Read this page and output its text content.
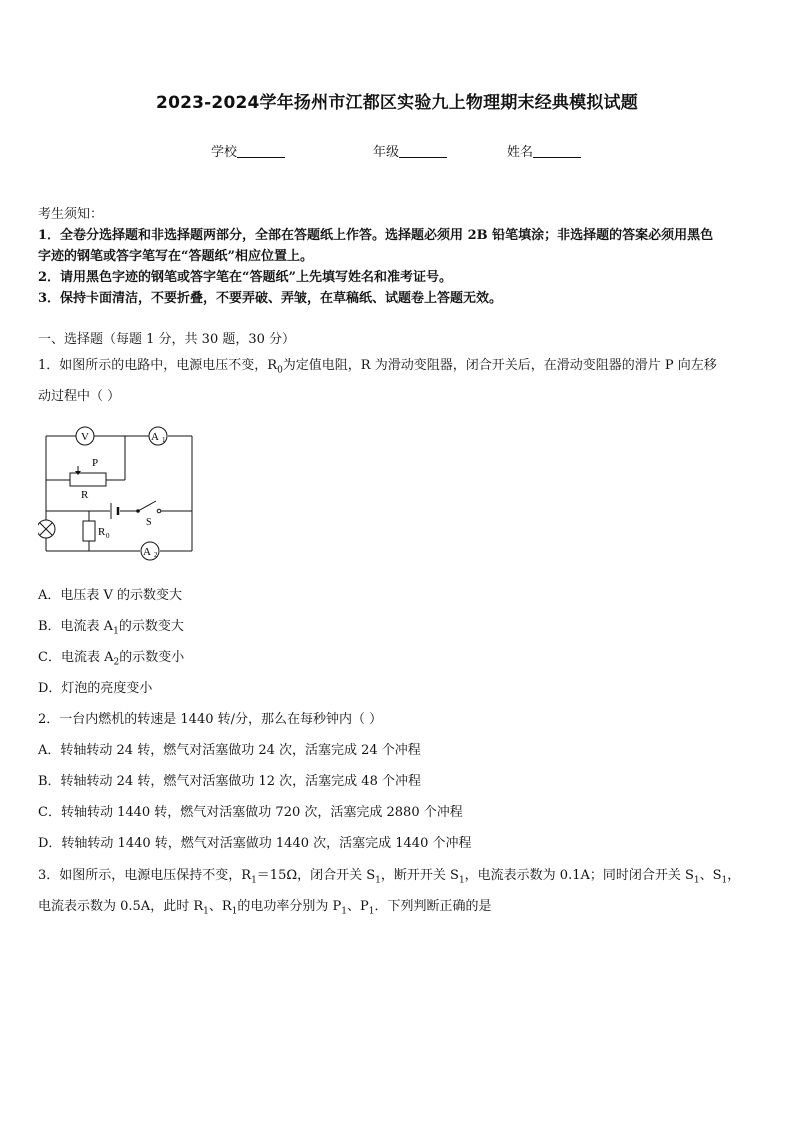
2023-2024学年扬州市江都区实验九上物理期末经典模拟试题
学校	年级	姓名
考生须知：
1．全卷分选择题和非选择题两部分，全部在答题纸上作答。选择题必须用 2B 铅笔填涂；非选择题的答案必须用黑色
字迹的钢笔或答字笔写在“答题纸”相应位置上。
2．请用黑色字迹的钢笔或答字笔在“答题纸”上先填写姓名和准考证号。
3．保持卡面清洁，不要折叠，不要弄破、弄皱，在草稿纸、试题卷上答题无效。
一、选择题（每题 1 分，共 30 题，30 分）
1．如图所示的电路中，电源电压不变，$R_0$为定值电阻，R 为滑动变阻器，闭合开关后，在滑动变阻器的滑片 P 向左移
动过程中（ ）
V	A 1
P
R
S
R 0
A 2
A．电压表 V 的示数变大
B．电流表 $A_1$的示数变大
C．电流表 $A_2$的示数变小
D．灯泡的亮度变小
2．一台内燃机的转速是 1440 转/分，那么在每秒钟内（ ）
A．转轴转动 24 转，燃气对活塞做功 24 次，活塞完成 24 个冲程
B．转轴转动 24 转，燃气对活塞做功 12 次，活塞完成 48 个冲程
C．转轴转动 1440 转，燃气对活塞做功 720 次，活塞完成 2880 个冲程
D．转轴转动 1440 转，燃气对活塞做功 1440 次，活塞完成 1440 个冲程
3．如图所示，电源电压保持不变，$R_1=15\Omega$，闭合开关 $S_1$，断开开关 $S_1$，电流表示数为 0.1A；同时闭合开关 $S_1$、$S_1$，
电流表示数为 0.5A，此时 $R_1$、$R_1$的电功率分别为 $P_1$、$P_1$．下列判断正确的是
